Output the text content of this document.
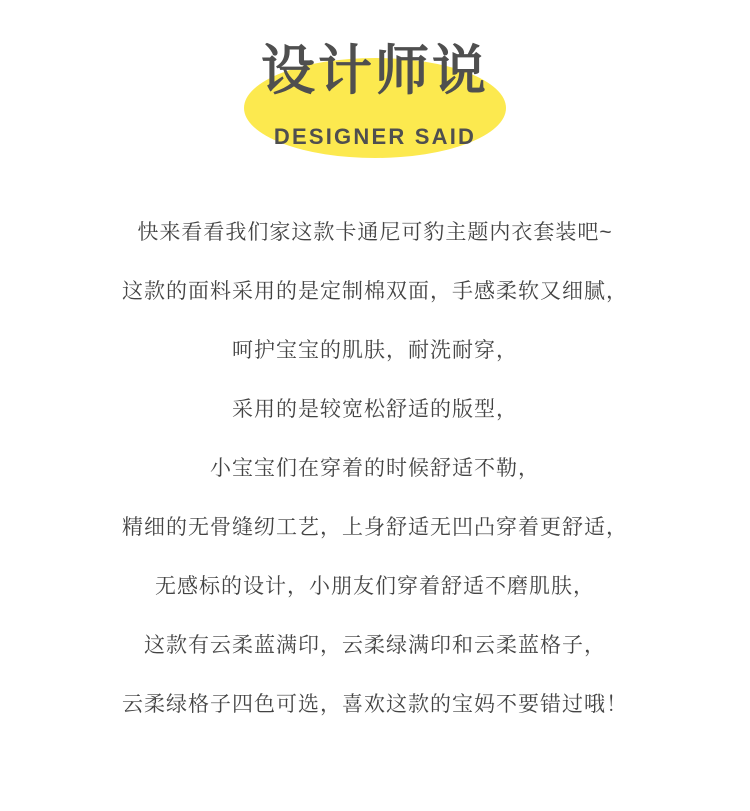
设计师说
DESIGNER SAID
快来看看我们家这款卡通尼可豹主题内衣套装吧~
这款的面料采用的是定制棉双面，手感柔软又细腻，
呵护宝宝的肌肤，耐洗耐穿，
采用的是较宽松舒适的版型，
小宝宝们在穿着的时候舒适不勒，
精细的无骨缝纫工艺，上身舒适无凹凸穿着更舒适，
无感标的设计，小朋友们穿着舒适不磨肌肤，
这款有云柔蓝满印，云柔绿满印和云柔蓝格子，
云柔绿格子四色可选，喜欢这款的宝妈不要错过哦！
